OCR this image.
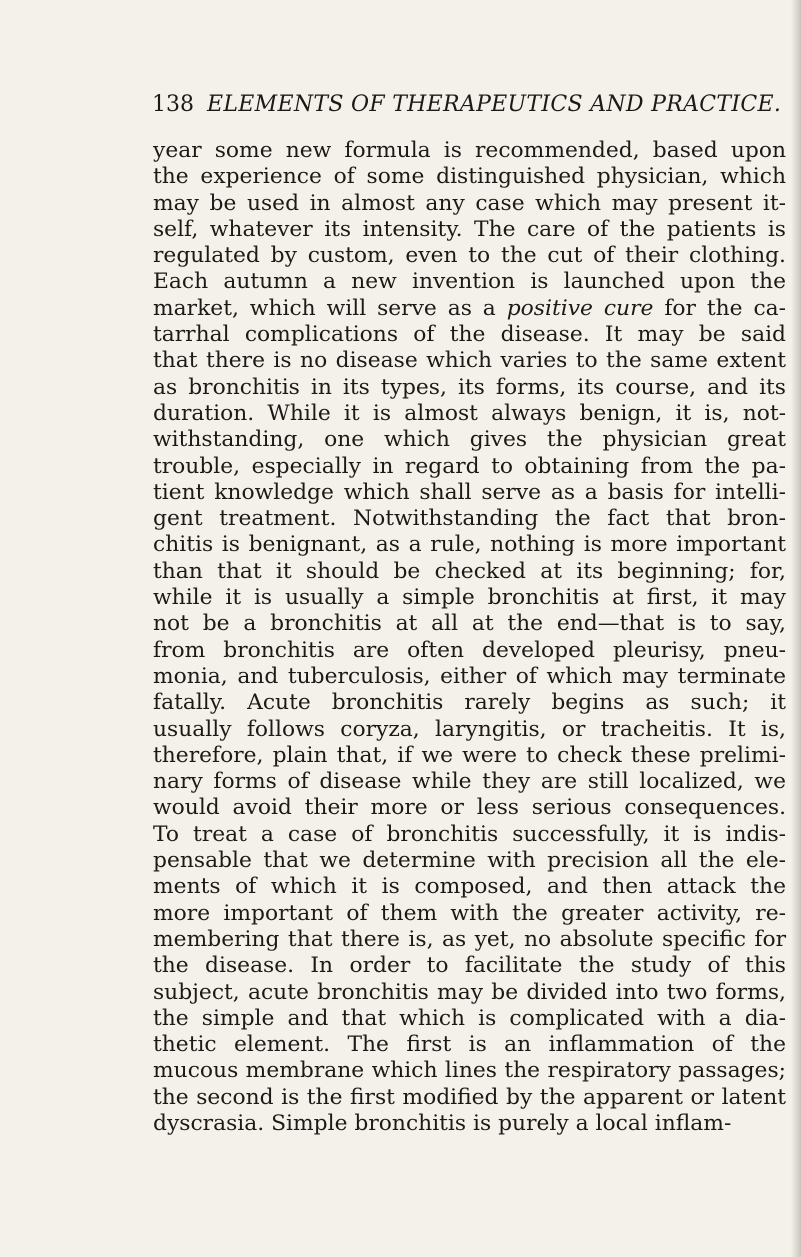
138 ELEMENTS OF THERAPEUTICS AND PRACTICE.
year some new formula is recommended, based upon
the experience of some distinguished physician, which
may be used in almost any case which may present it-
self, whatever its intensity. The care of the patients is
regulated by custom, even to the cut of their clothing.
Each autumn a new invention is launched upon the
market, which will serve as a positive cure for the ca-
tarrhal complications of the disease. It may be said
that there is no disease which varies to the same extent
as bronchitis in its types, its forms, its course, and its
duration. While it is almost always benign, it is, not-
withstanding, one which gives the physician great
trouble, especially in regard to obtaining from the pa-
tient knowledge which shall serve as a basis for intelli-
gent treatment. Notwithstanding the fact that bron-
chitis is benignant, as a rule, nothing is more important
than that it should be checked at its beginning; for,
while it is usually a simple bronchitis at first, it may
not be a bronchitis at all at the end—that is to say,
from bronchitis are often developed pleurisy, pneu-
monia, and tuberculosis, either of which may terminate
fatally. Acute bronchitis rarely begins as such; it
usually follows coryza, laryngitis, or tracheitis. It is,
therefore, plain that, if we were to check these prelimi-
nary forms of disease while they are still localized, we
would avoid their more or less serious consequences.
To treat a case of bronchitis successfully, it is indis-
pensable that we determine with precision all the ele-
ments of which it is composed, and then attack the
more important of them with the greater activity, re-
membering that there is, as yet, no absolute specific for
the disease. In order to facilitate the study of this
subject, acute bronchitis may be divided into two forms,
the simple and that which is complicated with a dia-
thetic element. The first is an inflammation of the
mucous membrane which lines the respiratory passages;
the second is the first modified by the apparent or latent
dyscrasia. Simple bronchitis is purely a local inflam-
